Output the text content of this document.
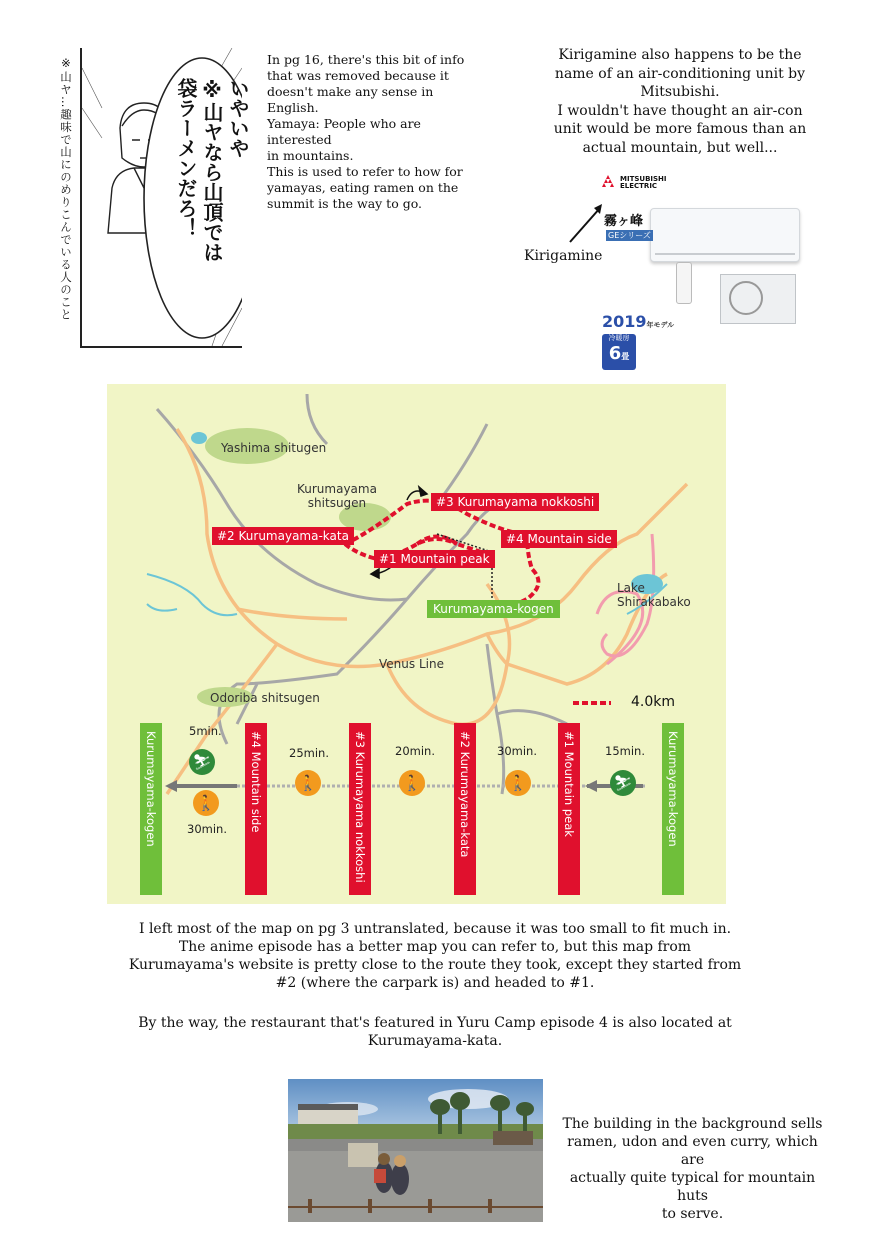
※山ヤ…趣味で山にのめりこんでいる人のこと	いやいや
※山ヤなら山頂では
袋ラーメンだろ！
In pg 16, there's this bit of info
that was removed because it
doesn't make any sense in English.
Yamaya: People who are interested
in mountains.
This is used to refer to how for
yamayas, eating ramen on the
summit is the way to go.
Kirigamine also happens to be the
name of an air-conditioning unit by
Mitsubishi.
I wouldn't have thought an air-con
unit would be more famous than an
actual mountain, but well...
MITSUBISHI
ELECTRIC
霧ヶ峰
GEシリーズ
Kirigamine
2019年モデル
冷暖房
6畳
Yashima shitugen
Kurumayama
shitsugen
Lake
Shirakabako
Venus Line
Odoriba shitsugen
#3 Kurumayama nokkoshi
#2 Kurumayama-kata	#4 Mountain side
#1 Mountain peak
Kurumayama-kogen
4.0km
Kurumayama-kogen	#4 Mountain side	#3 Kurumayama nokkoshi	#2 Kurumayama-kata	#1 Mountain peak	Kurumayama-kogen
5min.
⛷
🚶
30min.
25min.
🚶
20min.
🚶
30min.
🚶
15min.
⛷
I left most of the map on pg 3 untranslated, because it was too small to fit much in.
The anime episode has a better map you can refer to, but this map from
Kurumayama's website is pretty close to the route they took, except they started from
#2 (where the carpark is) and headed to #1.
By the way, the restaurant that's featured in Yuru Camp episode 4 is also located at
Kurumayama-kata.
The building in the background sells
ramen, udon and even curry, which are
actually quite typical for mountain huts
to serve.
